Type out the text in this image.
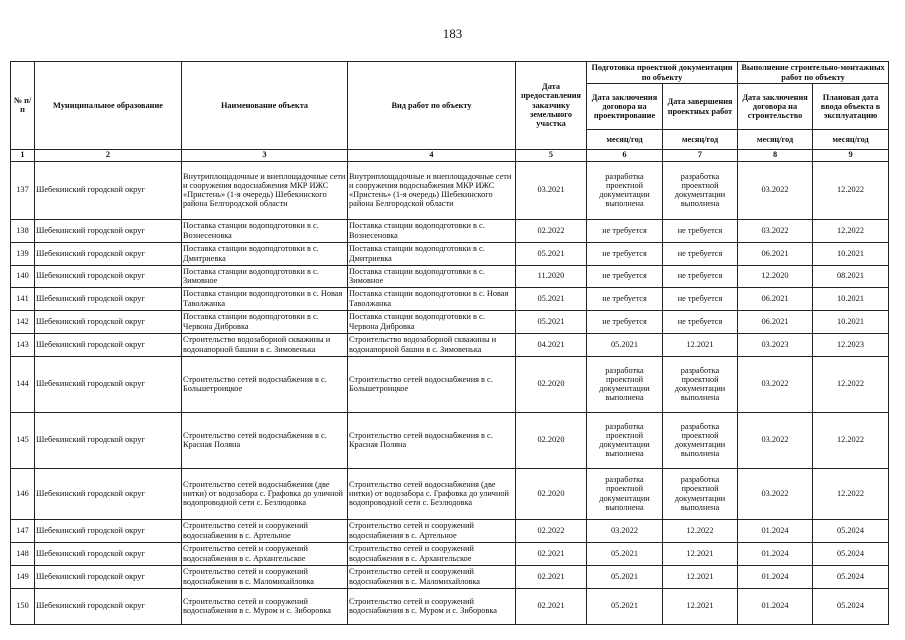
183
№ п/п	Муниципальное образование	Наименование объекта	Вид работ по объекту	Дата предоставления заказчику земельного участка	Подготовка проектной документации по объекту		Выполнение строительно-монтажных работ по объекту		
					Дата заключения договора на проектирование	Дата завершения проектных работ	Дата заключения договора на строительство	Плановая дата ввода объекта в эксплуатацию	
					месяц/год	месяц/год	месяц/год	месяц/год	
1	2	3	4	5	6	7	8	9	
137	Шебекинский городской округ	Внутриплощадочные и внеплощадочные сети и сооружения водоснабжения МКР ИЖС «Пристень» (1-я очередь) Шебекинского района Белгородской области	Внутриплощадочные и внеплощадочные сети и сооружения водоснабжения МКР ИЖС «Пристень» (1-я очередь) Шебекинского района Белгородской области	03.2021	разработка проектной документации выполнена	разработка проектной документации выполнена	03.2022	12.2022	
138	Шебекинский городской округ	Поставка станции водоподготовки в с. Вознесеновка	Поставка станции водоподготовки в с. Вознесеновка	02.2022	не требуется	не требуется	03.2022	12.2022	
139	Шебекинский городской округ	Поставка станции водоподготовки в с. Дмитриевка	Поставка станции водоподготовки в с. Дмитриевка	05.2021	не требуется	не требуется	06.2021	10.2021	
140	Шебекинский городской округ	Поставка станции водоподготовки в с. Зимовное	Поставка станции водоподготовки в с. Зимовное	11.2020	не требуется	не требуется	12.2020	08.2021	
141	Шебекинский городской округ	Поставка станции водоподготовки в с. Новая Таволжанка	Поставка станции водоподготовки в с. Новая Таволжанка	05.2021	не требуется	не требуется	06.2021	10.2021	
142	Шебекинский городской округ	Поставка станции водоподготовки в с. Червона Дибровка	Поставка станции водоподготовки в с. Червона Дибровка	05.2021	не требуется	не требуется	06.2021	10.2021	
143	Шебекинский городской округ	Строительство водозаборной скважины и водонапорной башни в с. Зимовенька	Строительство водозаборной скважины и водонапорной башни в с. Зимовенька	04.2021	05.2021	12.2021	03.2023	12.2023	
144	Шебекинский городской округ	Строительство сетей водоснабжения в с. Большетроицкое	Строительство сетей водоснабжения в с. Большетроицкое	02.2020	разработка проектной документации выполнена	разработка проектной документации выполнена	03.2022	12.2022	
145	Шебекинский городской округ	Строительство сетей водоснабжения в с. Красная Поляна	Строительство сетей водоснабжения в с. Красная Поляна	02.2020	разработка проектной документации выполнена	разработка проектной документации выполнена	03.2022	12.2022	
146	Шебекинский городской округ	Строительство сетей водоснабжения (две нитки) от водозабора с. Графовка до уличной водопроводной сети с. Безлюдовка	Строительство сетей водоснабжения (две нитки) от водозабора с. Графовка до уличной водопроводной сети с. Безлюдовка	02.2020	разработка проектной документации выполнена	разработка проектной документации выполнена	03.2022	12.2022	
147	Шебекинский городской округ	Строительство сетей и сооружений водоснабжения в с. Артельное	Строительство сетей и сооружений водоснабжения в с. Артельное	02.2022	03.2022	12.2022	01.2024	05.2024	
148	Шебекинский городской округ	Строительство сетей и сооружений водоснабжения в с. Архангельское	Строительство сетей и сооружений водоснабжения в с. Архангельское	02.2021	05.2021	12.2021	01.2024	05.2024	
149	Шебекинский городской округ	Строительство сетей и сооружений водоснабжения в с. Маломихайловка	Строительство сетей и сооружений водоснабжения в с. Маломихайловка	02.2021	05.2021	12.2021	01.2024	05.2024	
150	Шебекинский городской округ	Строительство сетей и сооружений водоснабжения в с. Муром и с. Зиборовка	Строительство сетей и сооружений водоснабжения в с. Муром и с. Зиборовка	02.2021	05.2021	12.2021	01.2024	05.2024	
